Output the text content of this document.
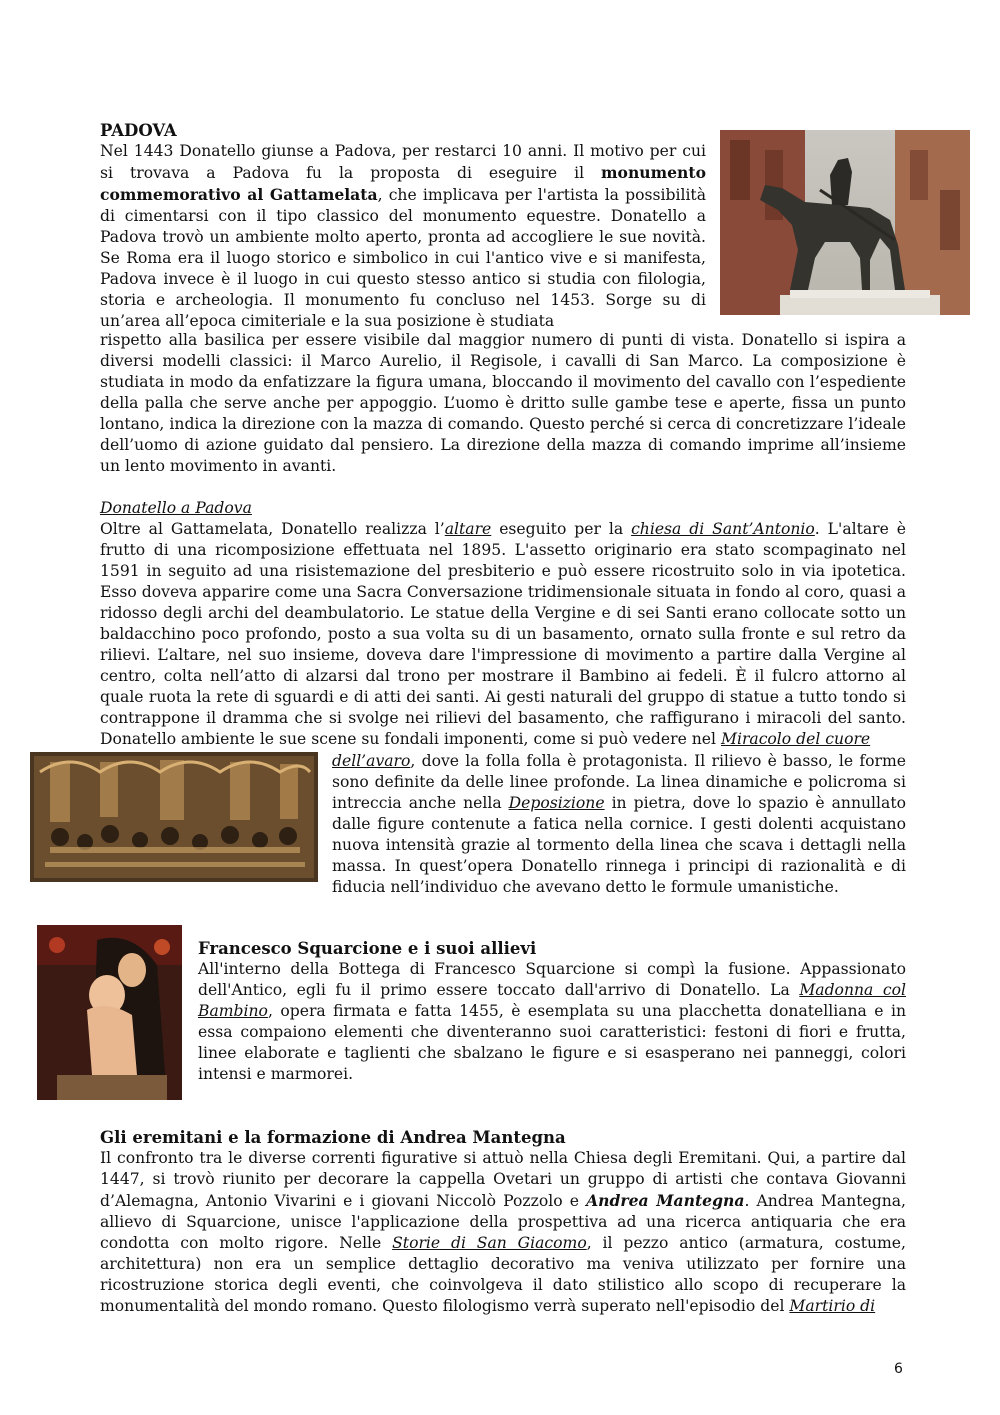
PADOVA

Nel 1443 Donatello giunse a Padova, per restarci 10 anni. Il motivo per cui si trovava a Padova fu la proposta di eseguire il monumento commemorativo al Gattamelata, che implicava per l'artista la possibilità di cimentarsi con il tipo classico del monumento equestre. Donatello a Padova trovò un ambiente molto aperto, pronta ad accogliere le sue novità. Se Roma era il luogo storico e simbolico in cui l'antico vive e si manifesta, Padova invece è il luogo in cui questo stesso antico si studia con filologia, storia e archeologia. Il monumento fu concluso nel 1453. Sorge su di un’area all’epoca cimiteriale e la sua posizione è studiata

rispetto alla basilica per essere visibile dal maggior numero di punti di vista. Donatello si ispira a diversi modelli classici: il Marco Aurelio, il Regisole, i cavalli di San Marco. La composizione è studiata in modo da enfatizzare la figura umana, bloccando il movimento del cavallo con l’espediente della palla che serve anche per appoggio. L’uomo è dritto sulle gambe tese e aperte, fissa un punto lontano, indica la direzione con la mazza di comando. Questo perché si cerca di concretizzare l’ideale dell’uomo di azione guidato dal pensiero. La direzione della mazza di comando imprime all’insieme un lento movimento in avanti.

Donatello a Padova

Oltre al Gattamelata, Donatello realizza l’altare eseguito per la chiesa di Sant’Antonio. L'altare è frutto di una ricomposizione effettuata nel 1895. L'assetto originario era stato scompaginato nel 1591 in seguito ad una risistemazione del presbiterio e può essere ricostruito solo in via ipotetica. Esso doveva apparire come una Sacra Conversazione tridimensionale situata in fondo al coro, quasi a ridosso degli archi del deambulatorio. Le statue della Vergine e di sei Santi erano collocate sotto un baldacchino poco profondo, posto a sua volta su di un basamento, ornato sulla fronte e sul retro da rilievi. L’altare, nel suo insieme, doveva dare l'impressione di movimento a partire dalla Vergine al centro, colta nell’atto di alzarsi dal trono per mostrare il Bambino ai fedeli. È il fulcro attorno al quale ruota la rete di sguardi e di atti dei santi. Ai gesti naturali del gruppo di statue a tutto tondo si contrappone il dramma che si svolge nei rilievi del basamento, che raffigurano i miracoli del santo. Donatello ambiente le sue scene su fondali imponenti, come si può vedere nel Miracolo del cuore

dell’avaro, dove la folla folla è protagonista. Il rilievo è basso, le forme sono definite da delle linee profonde. La linea dinamiche e policroma si intreccia anche nella Deposizione in pietra, dove lo spazio è annullato dalle figure contenute a fatica nella cornice. I gesti dolenti acquistano nuova intensità grazie al tormento della linea che scava i dettagli nella massa. In quest’opera Donatello rinnega i principi di razionalità e di fiducia nell’individuo che avevano detto le formule umanistiche.

Francesco Squarcione e i suoi allievi

All'interno della Bottega di Francesco Squarcione si compì la fusione. Appassionato dell'Antico, egli fu il primo essere toccato dall'arrivo di Donatello. La Madonna col Bambino, opera firmata e fatta 1455, è esemplata su una placchetta donatelliana e in essa compaiono elementi che diventeranno suoi caratteristici: festoni di fiori e frutta, linee elaborate e taglienti che sbalzano le figure e si esasperano nei panneggi, colori intensi e marmorei.

Gli eremitani e la formazione di Andrea Mantegna

Il confronto tra le diverse correnti figurative si attuò nella Chiesa degli Eremitani. Qui, a partire dal 1447, si trovò riunito per decorare la cappella Ovetari un gruppo di artisti che contava Giovanni d’Alemagna, Antonio Vivarini e i giovani Niccolò Pozzolo e Andrea Mantegna. Andrea Mantegna, allievo di Squarcione, unisce l'applicazione della prospettiva ad una ricerca antiquaria che era condotta con molto rigore. Nelle Storie di San Giacomo, il pezzo antico (armatura, costume, architettura) non era un semplice dettaglio decorativo ma veniva utilizzato per fornire una ricostruzione storica degli eventi, che coinvolgeva il dato stilistico allo scopo di recuperare la monumentalità del mondo romano. Questo filologismo verrà superato nell'episodio del Martirio di

6
